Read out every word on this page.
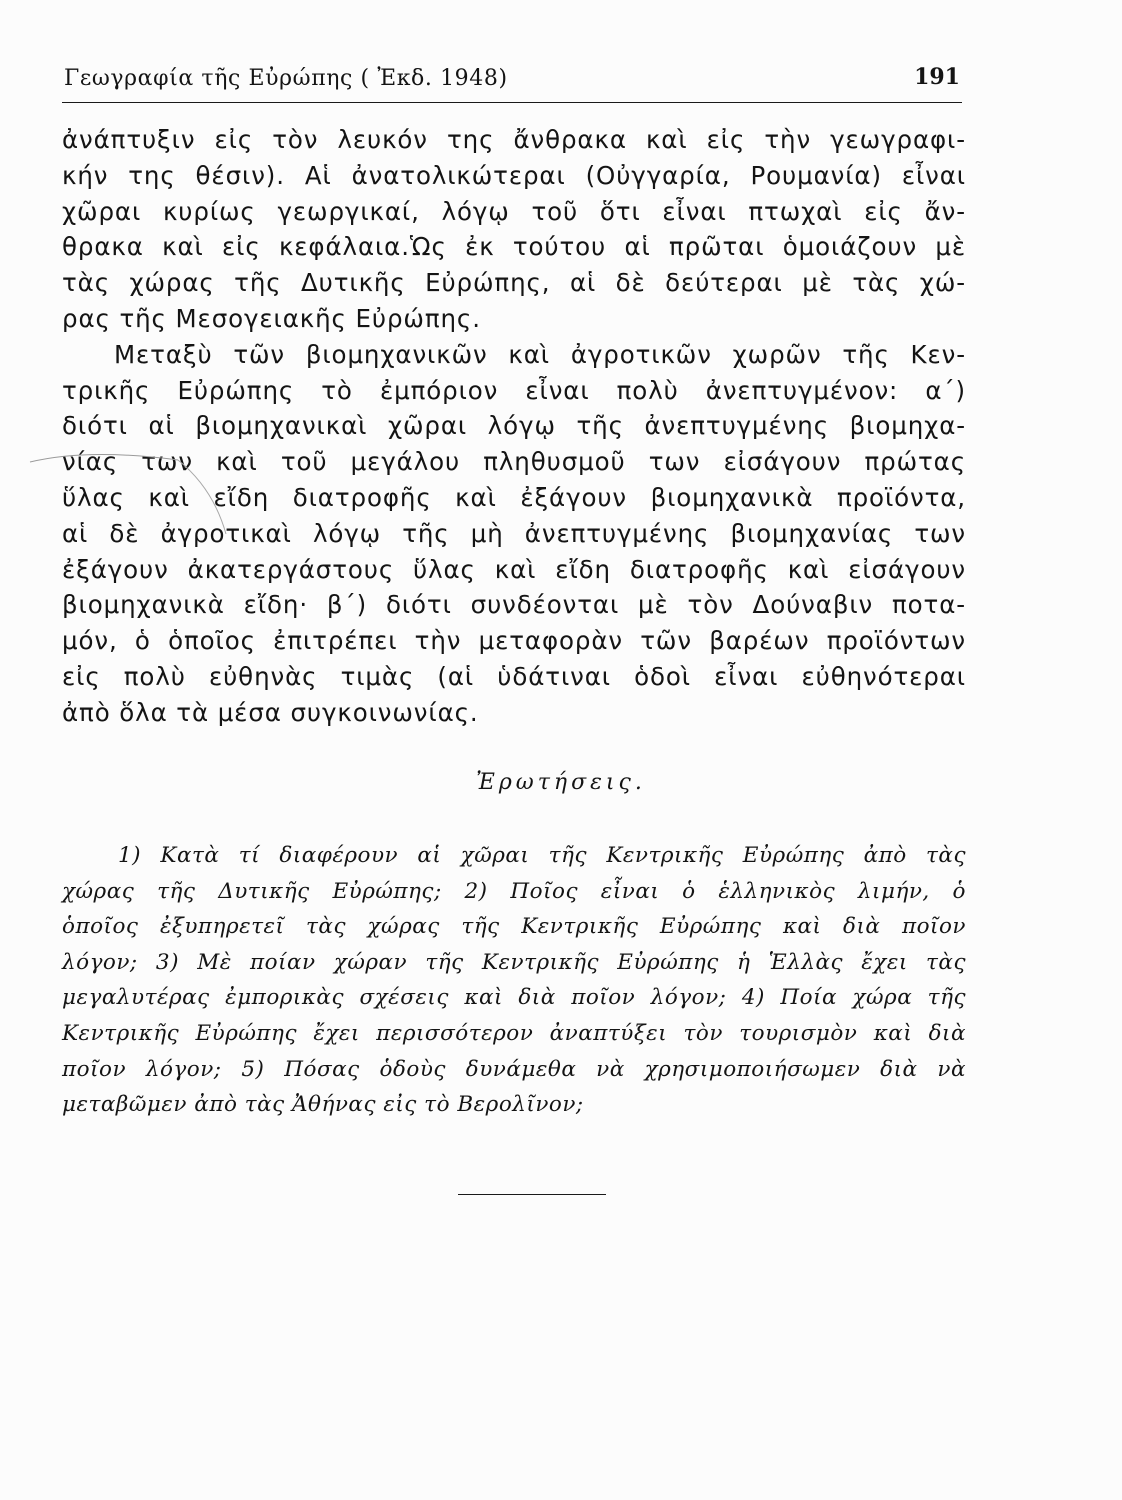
Γεωγραφία τῆς Εὐρώπης ( Ἐκδ. 1948)	191
ἀνάπτυξιν εἰς τὸν λευκόν της ἄνθρακα καὶ εἰς τὴν γεωγραφι-
κήν της θέσιν). Αἱ ἀνατολικώτεραι (Οὐγγαρία, Ρουμανία) εἶναι
χῶραι κυρίως γεωργικαί, λόγῳ τοῦ ὅτι εἶναι πτωχαὶ εἰς ἄν-
θρακα καὶ εἰς κεφάλαια.Ὡς ἐκ τούτου αἱ πρῶται ὁμοιάζουν μὲ
τὰς χώρας τῆς Δυτικῆς Εὐρώπης, αἱ δὲ δεύτεραι μὲ τὰς χώ-
ρας τῆς Μεσογειακῆς Εὐρώπης.
Μεταξὺ τῶν βιομηχανικῶν καὶ ἀγροτικῶν χωρῶν τῆς Κεν-
τρικῆς Εὐρώπης τὸ ἐμπόριον εἶναι πολὺ ἀνεπτυγμένον: α΄)
διότι αἱ βιομηχανικαὶ χῶραι λόγῳ τῆς ἀνεπτυγμένης βιομηχα-
νίας των καὶ τοῦ μεγάλου πληθυσμοῦ των εἰσάγουν πρώτας
ὕλας καὶ εἴδη διατροφῆς καὶ ἐξάγουν βιομηχανικὰ προϊόντα,
αἱ δὲ ἀγροτικαὶ λόγῳ τῆς μὴ ἀνεπτυγμένης βιομηχανίας των
ἐξάγουν ἀκατεργάστους ὕλας καὶ εἴδη διατροφῆς καὶ εἰσάγουν
βιομηχανικὰ εἴδη· β΄) διότι συνδέονται μὲ τὸν Δούναβιν ποτα-
μόν, ὁ ὁποῖος ἐπιτρέπει τὴν μεταφορὰν τῶν βαρέων προϊόντων
εἰς πολὺ εὐθηνὰς τιμὰς (αἱ ὑδάτιναι ὁδοὶ εἶναι εὐθηνότεραι
ἀπὸ ὅλα τὰ μέσα συγκοινωνίας.
Ἐρωτήσεις.
1) Κατὰ τί διαφέρουν αἱ χῶραι τῆς Κεντρικῆς Εὐρώπης ἀπὸ τὰς
χώρας τῆς Δυτικῆς Εὐρώπης; 2) Ποῖος εἶναι ὁ ἑλληνικὸς λιμήν, ὁ
ὁποῖος ἐξυπηρετεῖ τὰς χώρας τῆς Κεντρικῆς Εὐρώπης καὶ διὰ ποῖον
λόγον; 3) Μὲ ποίαν χώραν τῆς Κεντρικῆς Εὐρώπης ἡ Ἑλλὰς ἔχει τὰς
μεγαλυτέρας ἐμπορικὰς σχέσεις καὶ διὰ ποῖον λόγον; 4) Ποία χώρα τῆς
Κεντρικῆς Εὐρώπης ἔχει περισσότερον ἀναπτύξει τὸν τουρισμὸν καὶ διὰ
ποῖον λόγον; 5) Πόσας ὁδοὺς δυνάμεθα νὰ χρησιμοποιήσωμεν διὰ νὰ
μεταβῶμεν ἀπὸ τὰς Ἀθήνας εἰς τὸ Βερολῖνον;
